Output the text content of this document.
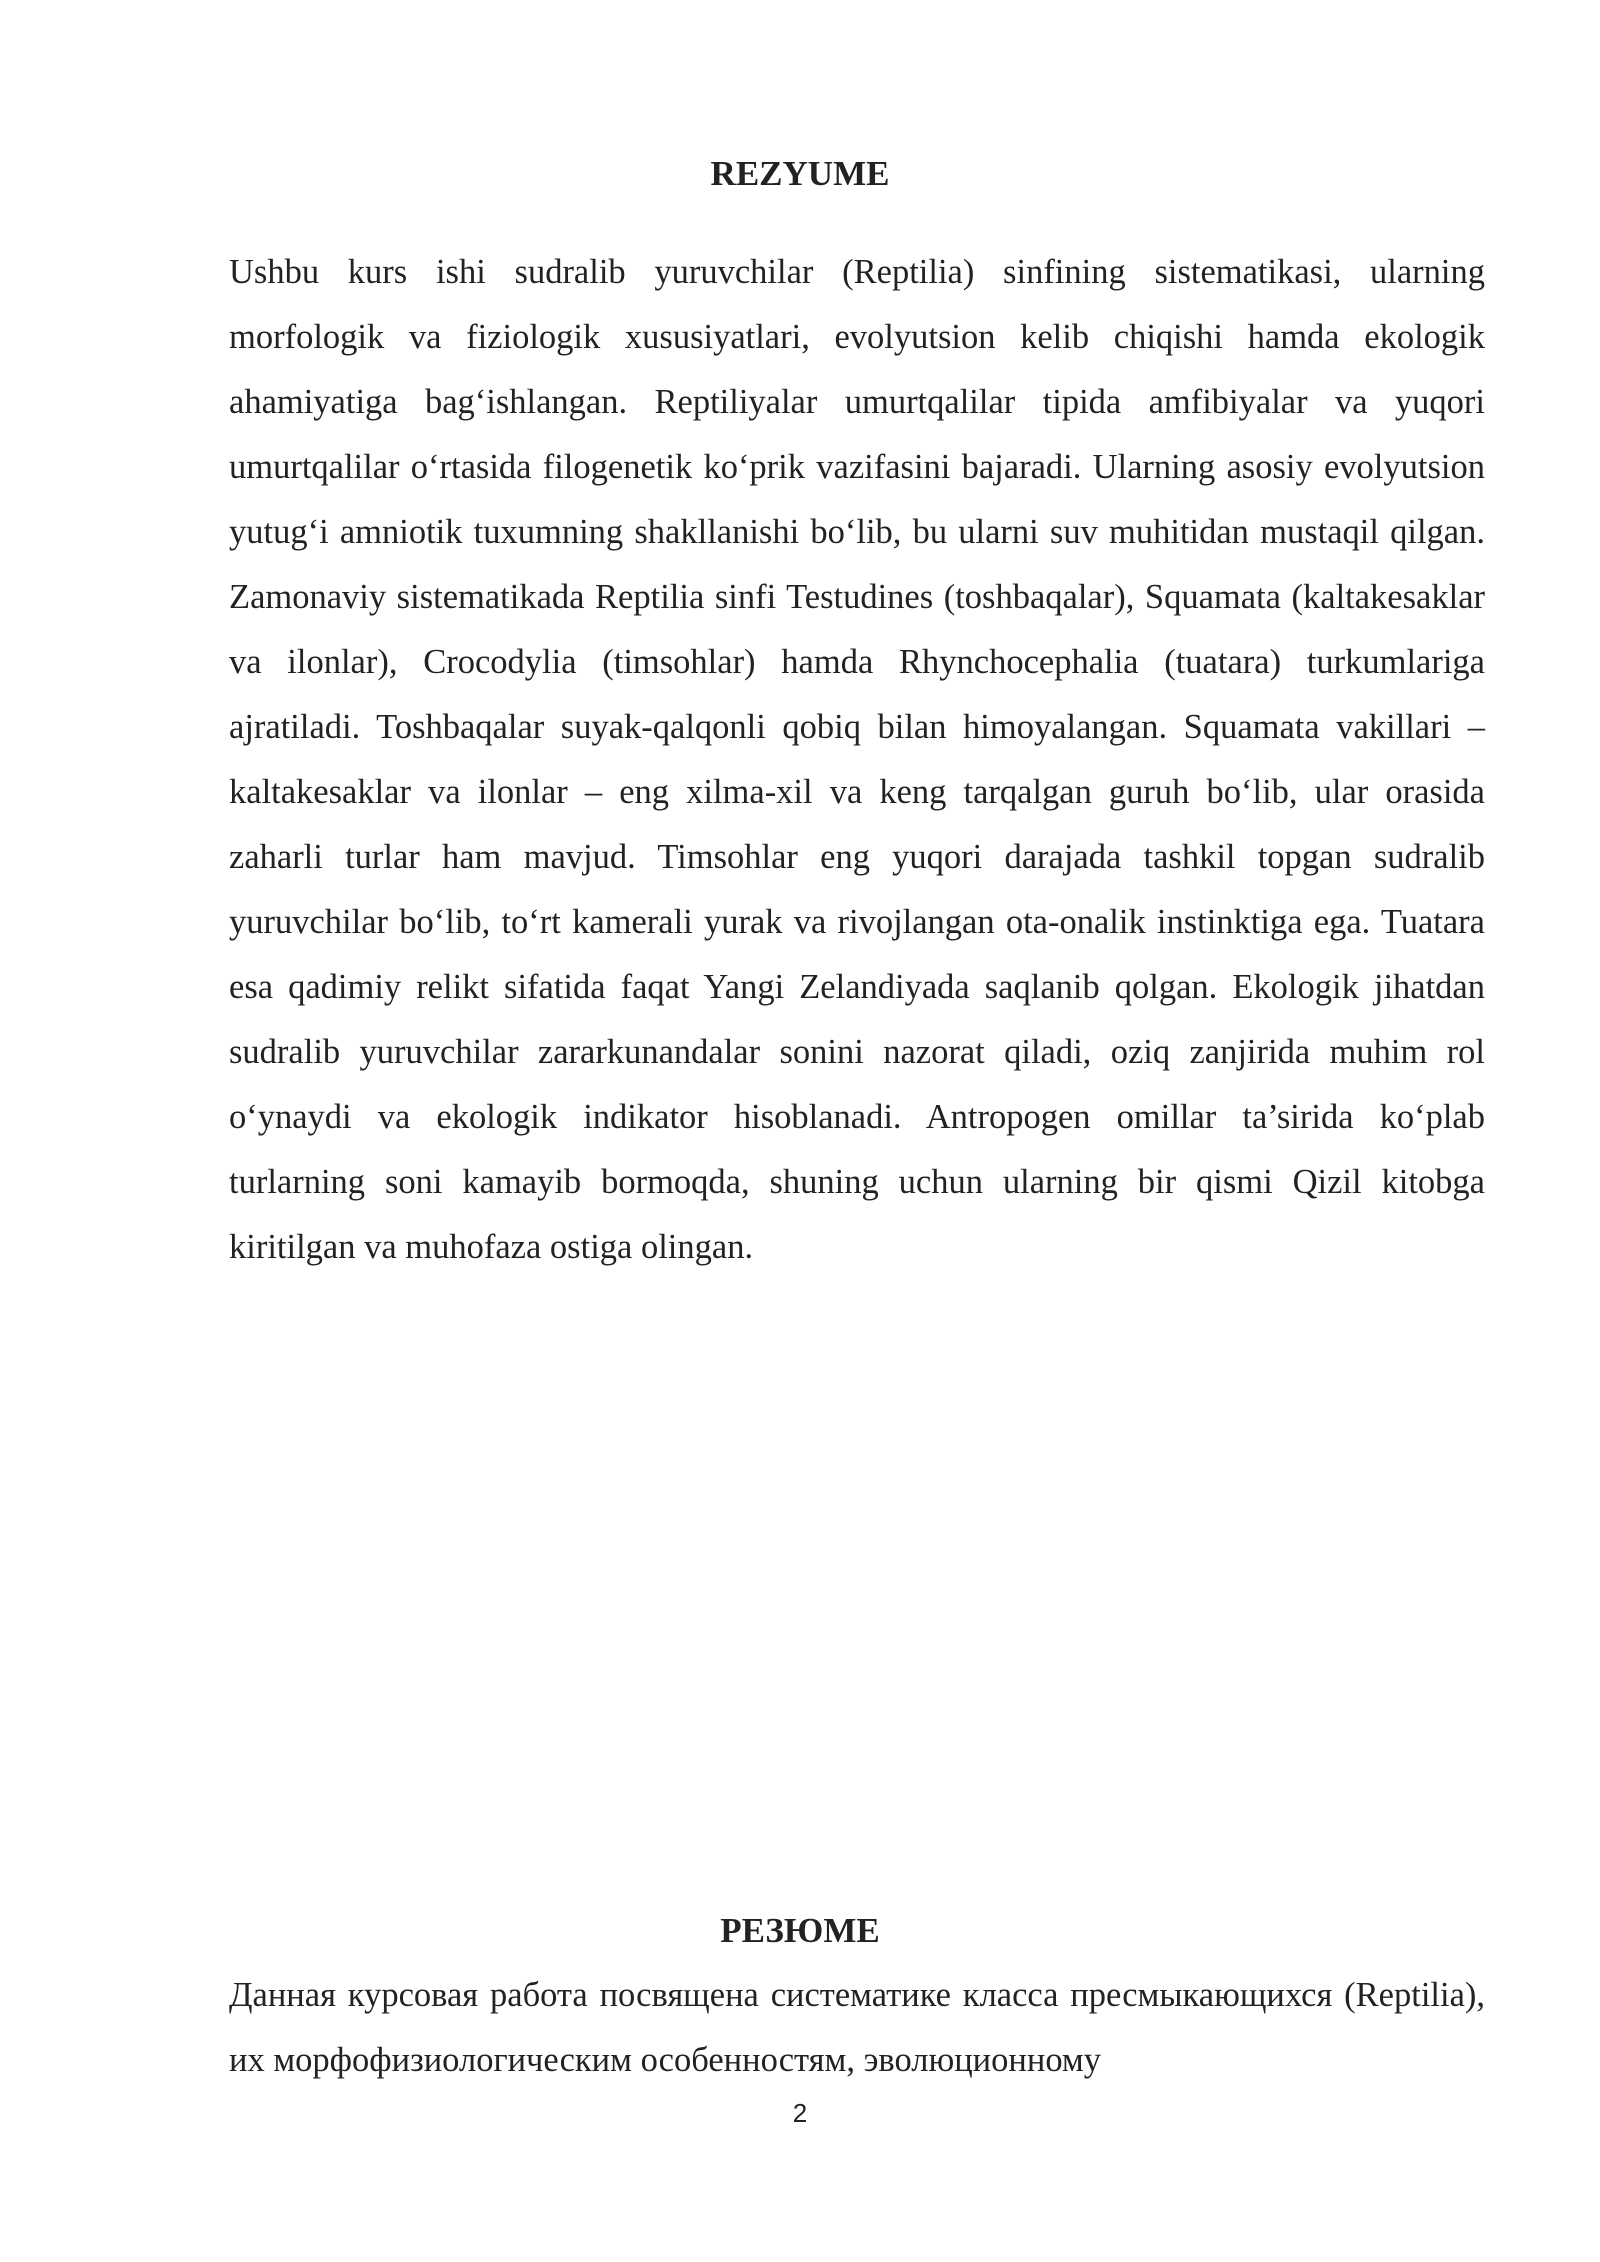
REZYUME

Ushbu kurs ishi sudralib yuruvchilar (Reptilia) sinfining sistematikasi, ularning morfologik va fiziologik xususiyatlari, evolyutsion kelib chiqishi hamda ekologik ahamiyatiga bag‘ishlangan. Reptiliyalar umurtqalilar tipida amfibiyalar va yuqori umurtqalilar o‘rtasida filogenetik ko‘prik vazifasini bajaradi. Ularning asosiy evolyutsion yutug‘i amniotik tuxumning shakllanishi bo‘lib, bu ularni suv muhitidan mustaqil qilgan. Zamonaviy sistematikada Reptilia sinfi Testudines (toshbaqalar), Squamata (kaltakesaklar va ilonlar), Crocodylia (timsohlar) hamda Rhynchocephalia (tuatara) turkumlariga ajratiladi. Toshbaqalar suyak-qalqonli qobiq bilan himoyalangan. Squamata vakillari – kaltakesaklar va ilonlar – eng xilma-xil va keng tarqalgan guruh bo‘lib, ular orasida zaharli turlar ham mavjud. Timsohlar eng yuqori darajada tashkil topgan sudralib yuruvchilar bo‘lib, to‘rt kamerali yurak va rivojlangan ota-onalik instinktiga ega. Tuatara esa qadimiy relikt sifatida faqat Yangi Zelandiyada saqlanib qolgan. Ekologik jihatdan sudralib yuruvchilar zararkunandalar sonini nazorat qiladi, oziq zanjirida muhim rol o‘ynaydi va ekologik indikator hisoblanadi. Antropogen omillar ta’sirida ko‘plab turlarning soni kamayib bormoqda, shuning uchun ularning bir qismi Qizil kitobga kiritilgan va muhofaza ostiga olingan.

РЕЗЮМЕ

Данная курсовая работа посвящена систематике класса пресмыкающихся (Reptilia), их морфофизиологическим особенностям, эволюционному

2
